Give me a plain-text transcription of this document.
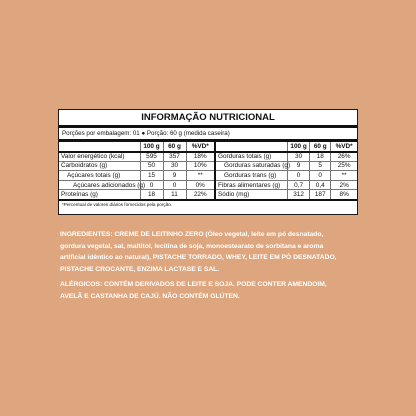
INFORMAÇÃO NUTRICIONAL
Porções por embalagem: 01 ● Porção: 60 g (medida caseira)
	100 g	60 g	%VD*
Valor energético (kcal)	595	357	18%
Carboidratos (g)	50	30	10%
Açúcares totais (g)	15	9	**
Açúcares adicionados (g)	0	0	0%
Proteínas (g)	18	11	22%
	100 g	60 g	%VD*
Gorduras totais (g)	30	18	26%
Gorduras saturadas (g)	9	5	25%
Gorduras trans (g)	0	0	**
Fibras alimentares (g)	0,7	0,4	2%
Sódio (mg)	312	187	8%
*Percentual de valores diários fornecidos pela porção.
INGREDIENTES: CREME DE LEITINHO ZERO (Óleo vegetal, leite em pó desnatado,
gordura vegetal, sal, maltitol, lecitina de soja, monoestearato de sorbitana e aroma
artificial idêntico ao natural), PISTACHE TORRADO, WHEY, LEITE EM PÓ DESNATADO,
PISTACHE CROCANTE, ENZIMA LACTASE E SAL.
ALÉRGICOS: CONTÉM DERIVADOS DE LEITE E SOJA. PODE CONTER AMENDOIM,
AVELÃ E CASTANHA DE CAJÚ. NÃO CONTÉM GLÚTEN.
